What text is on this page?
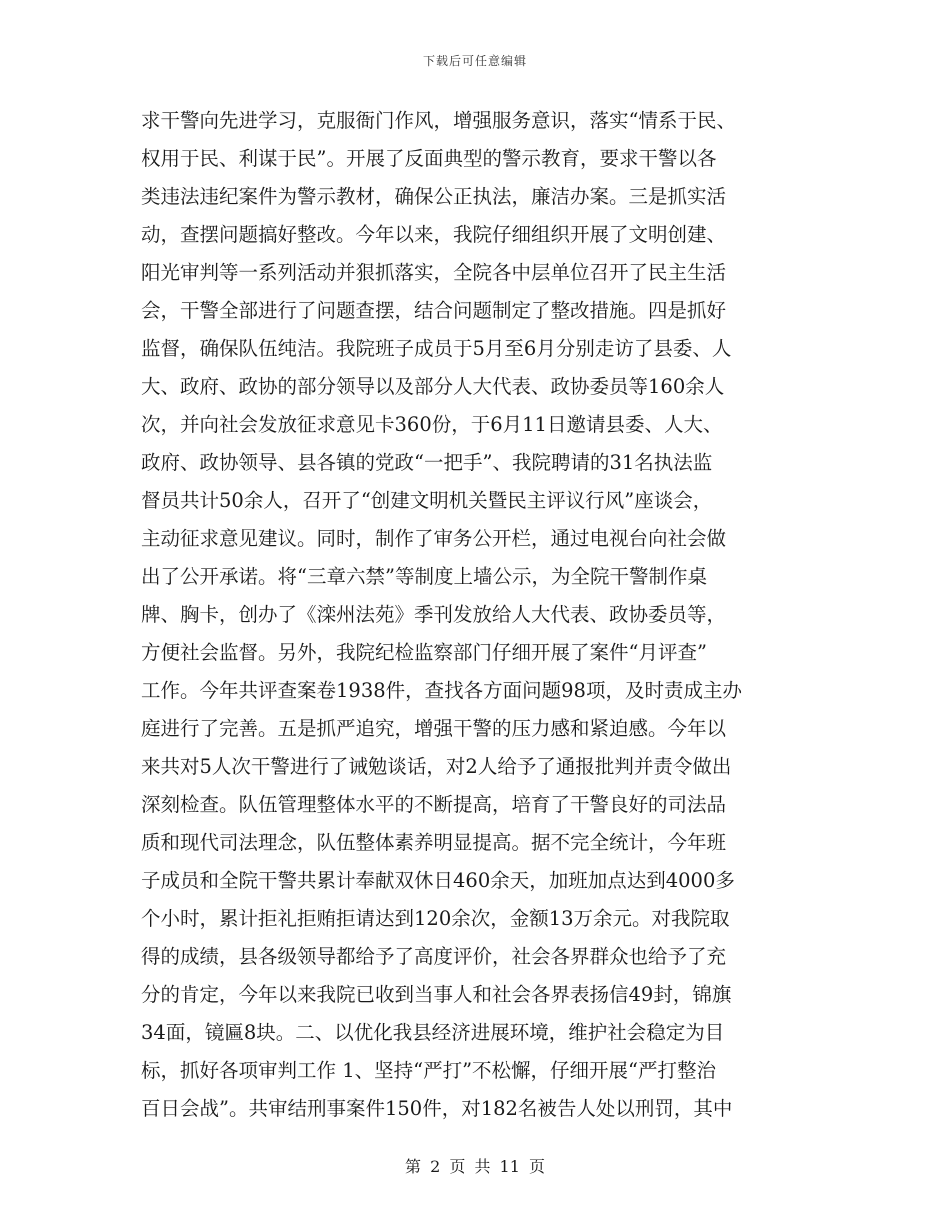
下载后可任意编辑
求干警向先进学习，克服衙门作风，增强服务意识，落实“情系于民、
权用于民、利谋于民”。开展了反面典型的警示教育，要求干警以各
类违法违纪案件为警示教材，确保公正执法，廉洁办案。三是抓实活
动，查摆问题搞好整改。今年以来，我院仔细组织开展了文明创建、
阳光审判等一系列活动并狠抓落实，全院各中层单位召开了民主生活
会，干警全部进行了问题查摆，结合问题制定了整改措施。四是抓好
监督，确保队伍纯洁。我院班子成员于5月至6月分别走访了县委、人
大、政府、政协的部分领导以及部分人大代表、政协委员等160余人
次，并向社会发放征求意见卡360份，于6月11日邀请县委、人大、
政府、政协领导、县各镇的党政“一把手”、我院聘请的31名执法监
督员共计50余人，召开了“创建文明机关暨民主评议行风”座谈会，
主动征求意见建议。同时，制作了审务公开栏，通过电视台向社会做
出了公开承诺。将“三章六禁”等制度上墙公示，为全院干警制作桌
牌、胸卡，创办了《滦州法苑》季刊发放给人大代表、政协委员等，
方便社会监督。另外，我院纪检监察部门仔细开展了案件“月评查”
工作。今年共评查案卷1938件，查找各方面问题98项，及时责成主办
庭进行了完善。五是抓严追究，增强干警的压力感和紧迫感。今年以
来共对5人次干警进行了诫勉谈话，对2人给予了通报批判并责令做出
深刻检查。队伍管理整体水平的不断提高，培育了干警良好的司法品
质和现代司法理念，队伍整体素养明显提高。据不完全统计，今年班
子成员和全院干警共累计奉献双休日460余天，加班加点达到4000多
个小时，累计拒礼拒贿拒请达到120余次，金额13万余元。对我院取
得的成绩，县各级领导都给予了高度评价，社会各界群众也给予了充
分的肯定，今年以来我院已收到当事人和社会各界表扬信49封，锦旗
34面，镜匾8块。二、以优化我县经济进展环境，维护社会稳定为目
标，抓好各项审判工作 1、坚持“严打”不松懈，仔细开展“严打整治
百日会战”。共审结刑事案件150件，对182名被告人处以刑罚，其中
第 2 页 共 11 页
